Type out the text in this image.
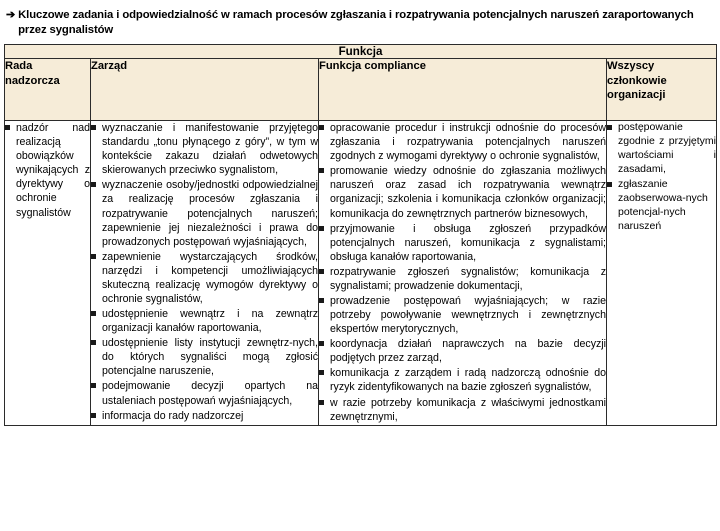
➔ Kluczowe zadania i odpowiedzialność w ramach procesów zgłaszania i rozpatrywania potencjalnych naruszeń zaraportowanych przez sygnalistów
Funkcja			
Rada nadzorcza	Zarząd	Funkcja compliance	Wszyscy członkowie organizacji

nadzór nad realizacją obowiązków wynikających z dyrektywy o ochronie sygnalistów

wyznaczanie i manifestowanie przyjętego standardu „tonu płynącego z góry”, w tym w kontekście zakazu działań odwetowych skierowanych przeciwko sygnalistom,
wyznaczenie osoby/jednostki odpowiedzialnej za realizację procesów zgłaszania i rozpatrywanie potencjalnych naruszeń; zapewnienie jej niezależności i prawa do prowadzonych postępowań wyjaśniających,
zapewnienie wystarczających środków, narzędzi i kompetencji umożliwiających skuteczną realizację wymogów dyrektywy o ochronie sygnalistów,
udostępnienie wewnątrz i na zewnątrz organizacji kanałów raportowania,
udostępnienie listy instytucji zewnętrz-nych, do których sygnaliści mogą zgłosić potencjalne naruszenie,
podejmowanie decyzji opartych na ustaleniach postępowań wyjaśniających,
informacja do rady nadzorczej

opracowanie procedur i instrukcji odnośnie do procesów zgłaszania i rozpatrywania potencjalnych naruszeń zgodnych z wymogami dyrektywy o ochronie sygnalistów,
promowanie wiedzy odnośnie do zgłaszania możliwych naruszeń oraz zasad ich rozpatrywania wewnątrz organizacji; szkolenia i komunikacja członków organizacji; komunikacja do zewnętrznych partnerów biznesowych,
przyjmowanie i obsługa zgłoszeń przypadków potencjalnych naruszeń, komunikacja z sygnalistami; obsługa kanałów raportowania,
rozpatrywanie zgłoszeń sygnalistów; komunikacja z sygnalistami; prowadzenie dokumentacji,
prowadzenie postępowań wyjaśniających; w razie potrzeby powoływanie wewnętrznych i zewnętrznych ekspertów merytorycznych,
koordynacja działań naprawczych na bazie decyzji podjętych przez zarząd,
komunikacja z zarządem i radą nadzorczą odnośnie do ryzyk zidentyfikowanych na bazie zgłoszeń sygnalistów,
w razie potrzeby komunikacja z właściwymi jednostkami zewnętrznymi,

postępowanie zgodnie z przyjętymi wartościami i zasadami,
zgłaszanie zaobserwowa-nych potencjal-nych naruszeń
